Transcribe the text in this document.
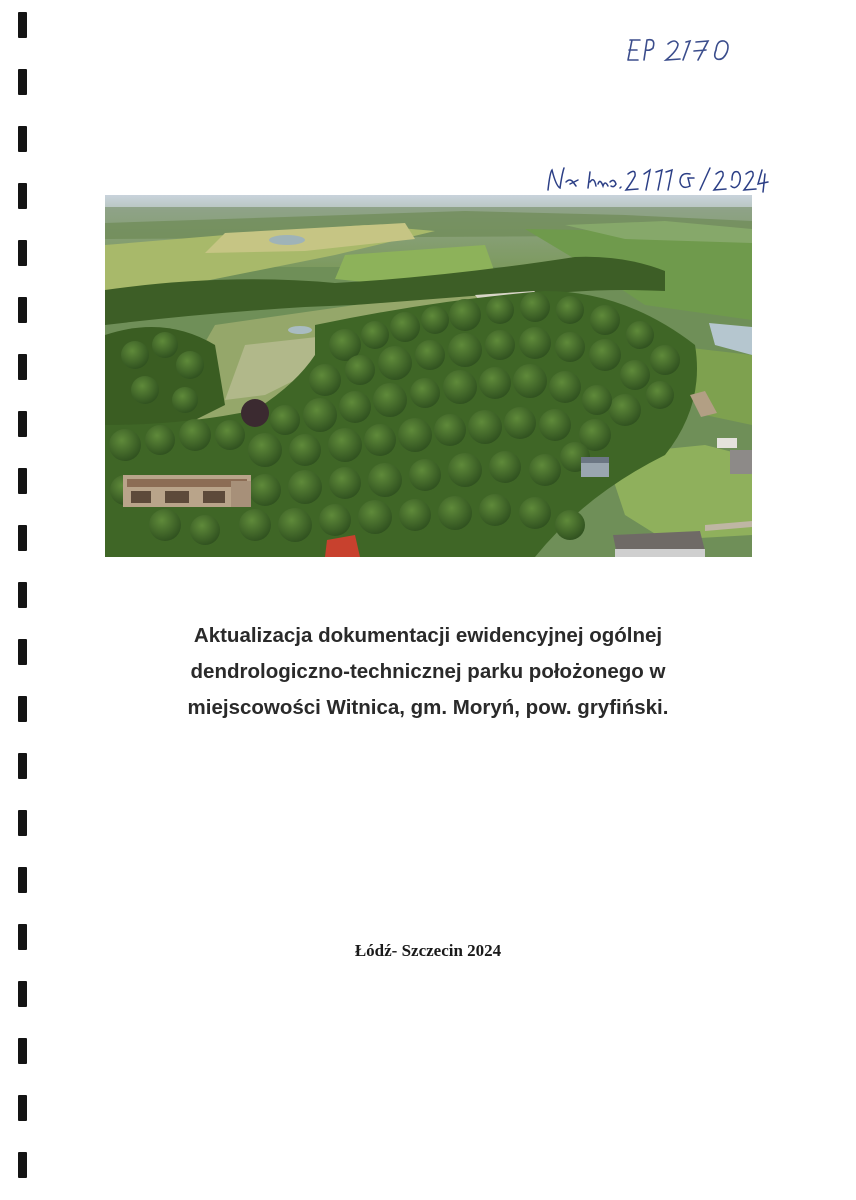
Aktualizacja dokumentacji ewidencyjnej ogólnej
dendrologiczno-technicznej parku położonego w
miejscowości Witnica, gm. Moryń, pow. gryfiński.
Łódź- Szczecin 2024
